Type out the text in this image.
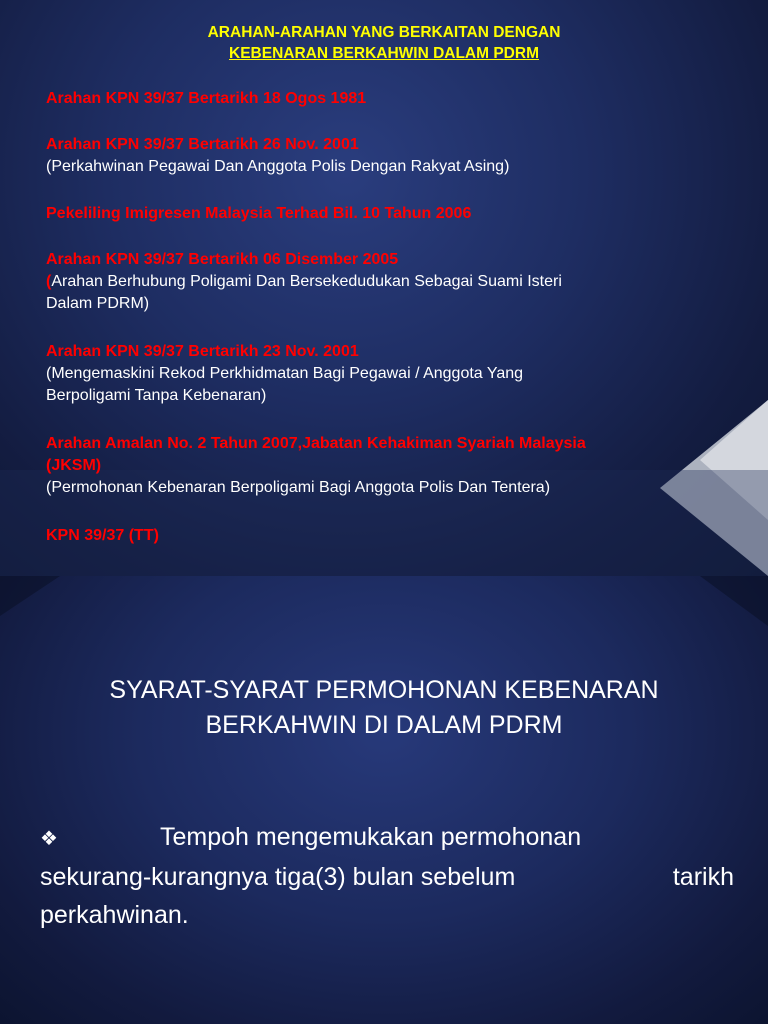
ARAHAN-ARAHAN YANG BERKAITAN DENGAN
KEBENARAN BERKAHWIN DALAM PDRM
Arahan KPN 39/37 Bertarikh 18 Ogos 1981
Arahan KPN 39/37 Bertarikh 26 Nov. 2001
(Perkahwinan Pegawai Dan Anggota Polis Dengan Rakyat Asing)
Pekeliling Imigresen Malaysia Terhad Bil. 10 Tahun 2006
Arahan KPN 39/37 Bertarikh 06 Disember 2005
(Arahan Berhubung Poligami Dan Bersekedudukan Sebagai Suami Isteri
Dalam PDRM)
Arahan KPN 39/37 Bertarikh 23 Nov. 2001
(Mengemaskini Rekod Perkhidmatan Bagi Pegawai / Anggota Yang
Berpoligami Tanpa Kebenaran)
Arahan Amalan No. 2 Tahun 2007,Jabatan Kehakiman Syariah Malaysia
(JKSM)
(Permohonan Kebenaran Berpoligami Bagi Anggota Polis Dan Tentera)
KPN 39/37 (TT)
SYARAT-SYARAT PERMOHONAN KEBENARAN
BERKAHWIN DI DALAM PDRM
❖	Tempoh mengemukakan permohonan
sekurang-kurangnya tiga(3) bulan sebelum	tarikh
perkahwinan.
